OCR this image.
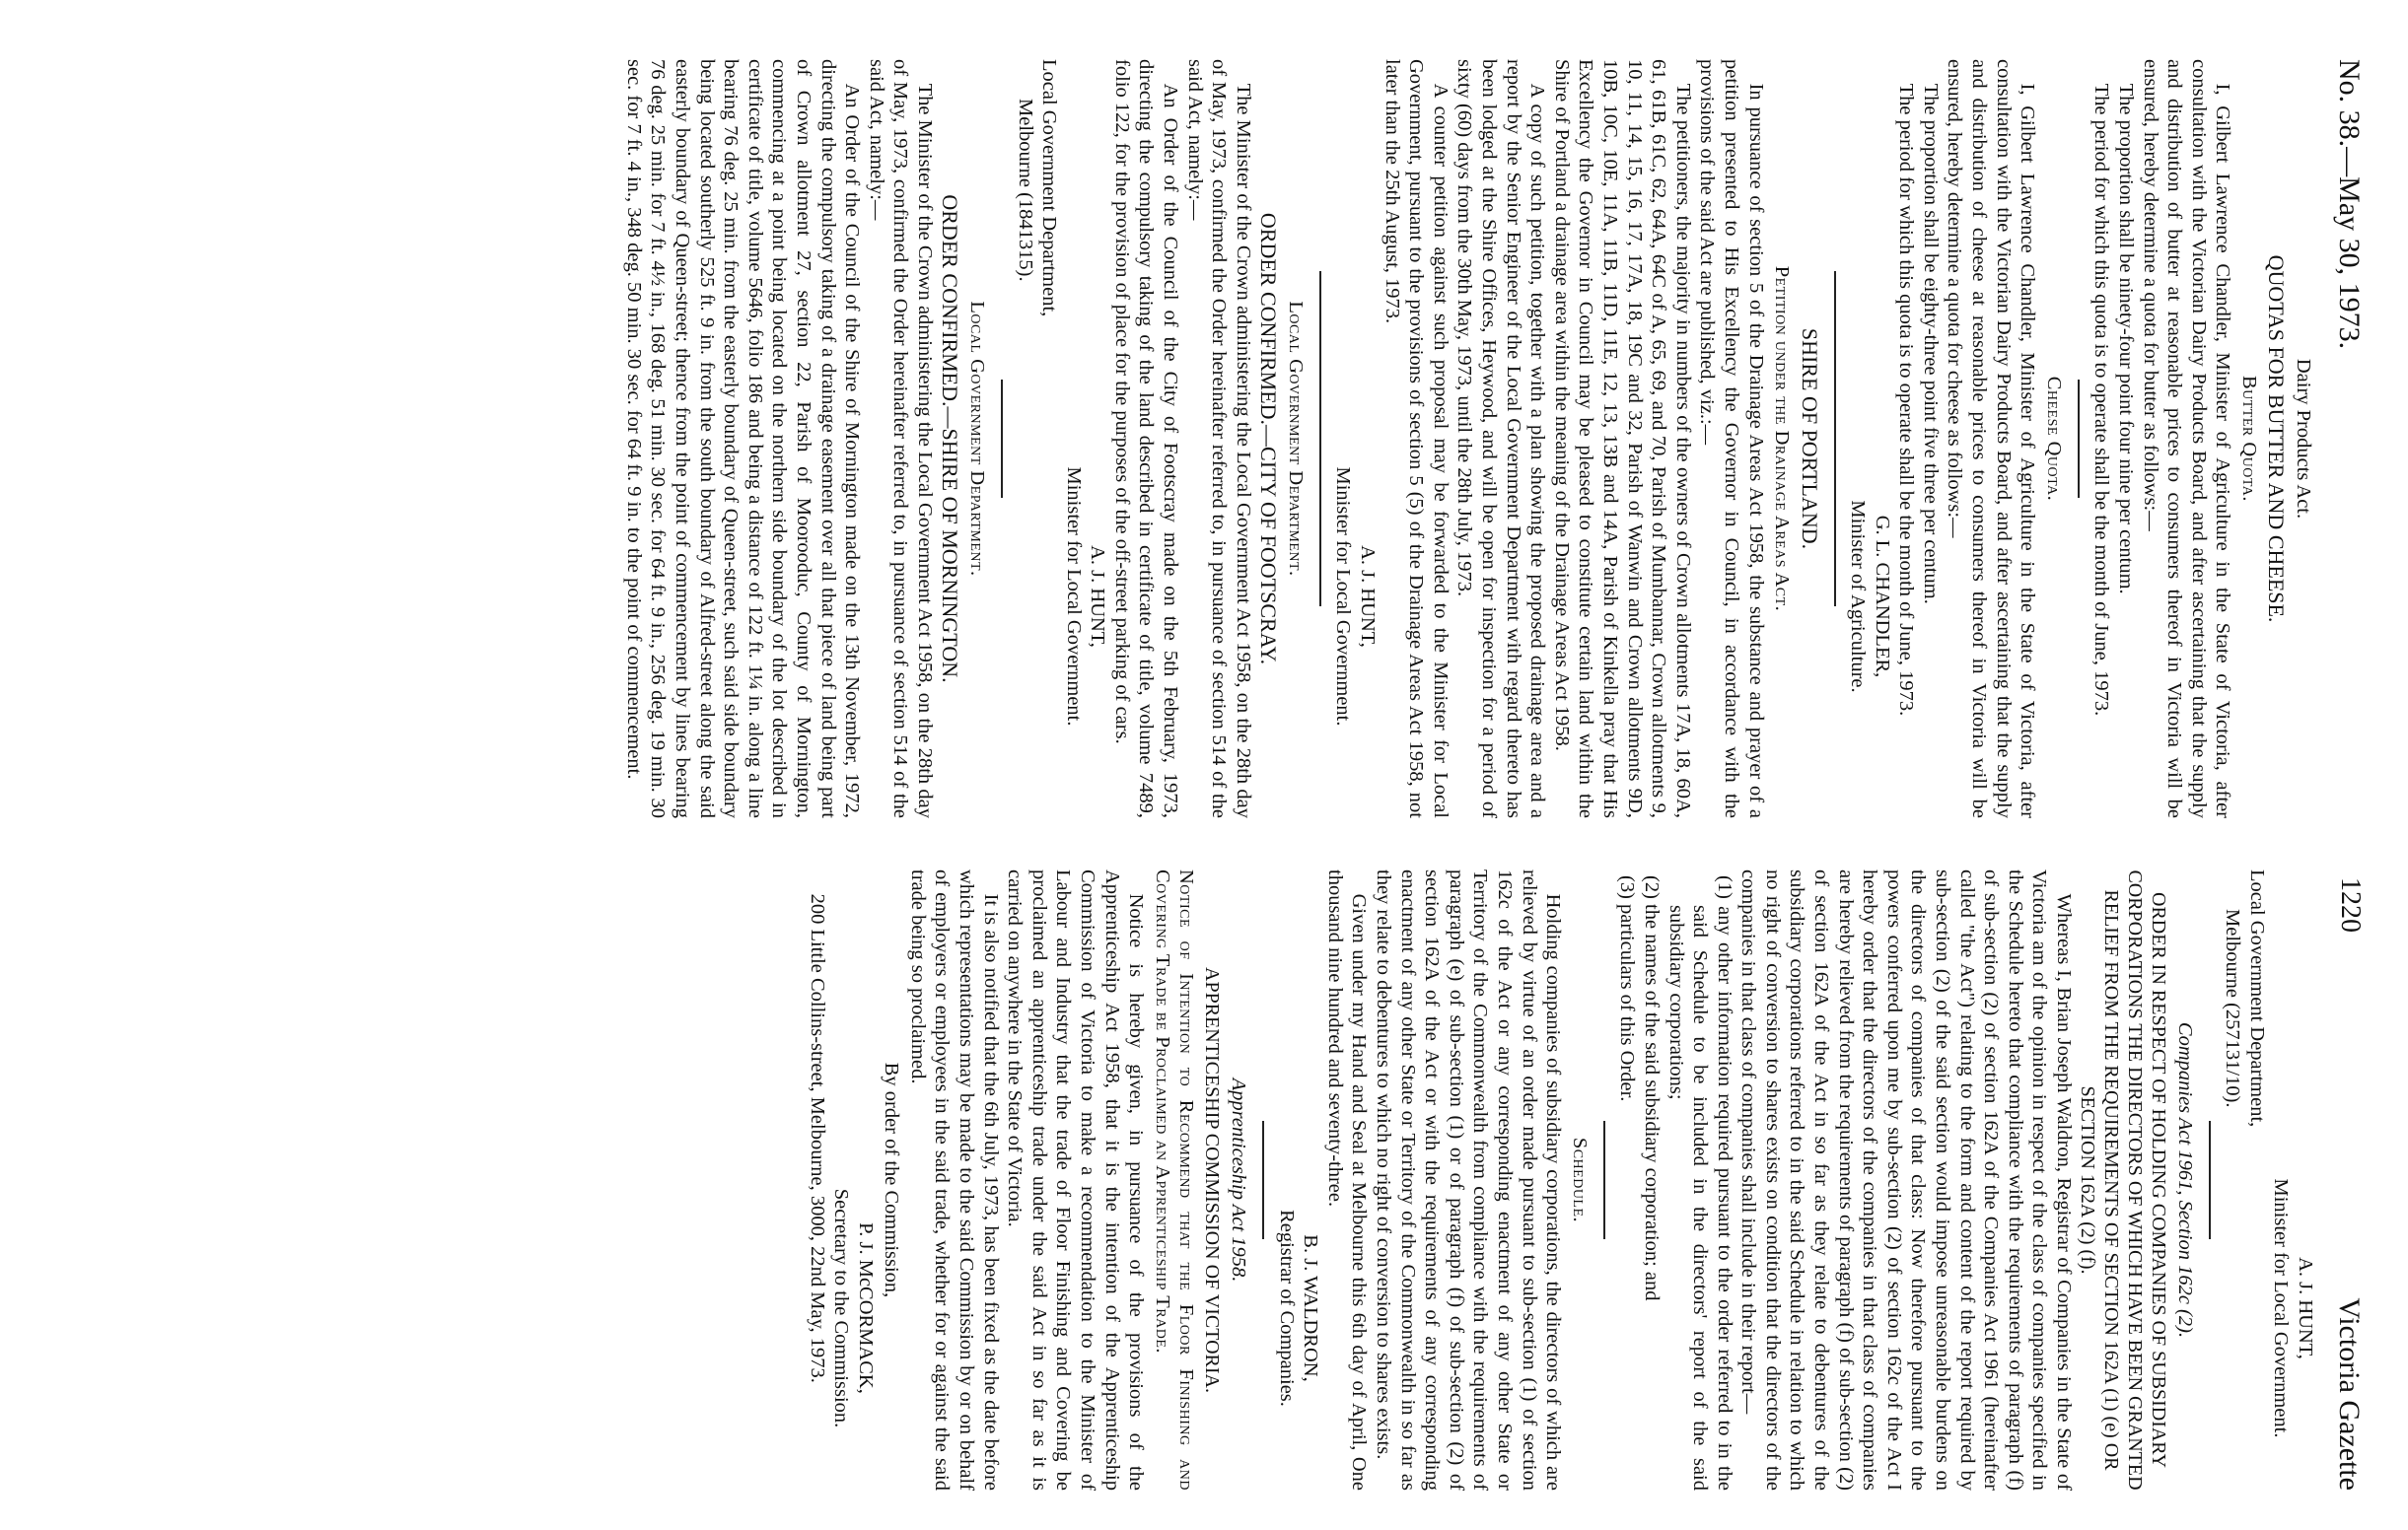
No. 38.—May 30, 1973.
1220
Victoria Gazette

Dairy Products Act.

QUOTAS FOR BUTTER AND CHEESE.

Butter Quota.

I, Gilbert Lawrence Chandler, Minister of Agriculture in the State of Victoria, after consultation with the Victorian Dairy Products Board, and after ascertaining that the supply and distribution of butter at reasonable prices to consumers thereof in Victoria will be ensured, hereby determine a quota for butter as follows:—

The proportion shall be ninety-four point four nine per centum.

The period for which this quota is to operate shall be the month of June, 1973.

Cheese Quota.

I, Gilbert Lawrence Chandler, Minister of Agriculture in the State of Victoria, after consultation with the Victorian Dairy Products Board, and after ascertaining that the supply and distribution of cheese at reasonable prices to consumers thereof in Victoria will be ensured, hereby determine a quota for cheese as follows:—

The proportion shall be eighty-three point five three per centum.

The period for which this quota is to operate shall be the month of June, 1973.

G. L. CHANDLER,

Minister of Agriculture.

SHIRE OF PORTLAND.

Petition under the Drainage Areas Act.

In pursuance of section 5 of the Drainage Areas Act 1958, the substance and prayer of a petition presented to His Excellency the Governor in Council, in accordance with the provisions of the said Act are published, viz.:—

The petitioners, the majority in numbers of the owners of Crown allotments 17A, 18, 60A, 61, 61B, 61C, 62, 64A, 64C of A, 65, 69, and 70, Parish of Mumbannar, Crown allotments 9, 10, 11, 14, 15, 16, 17, 17A, 18, 19C and 32, Parish of Wanwin and Crown allotments 9D, 10B, 10C, 10E, 11A, 11B, 11D, 11E, 12, 13, 13B and 14A, Parish of Kinkella pray that His Excellency the Governor in Council may be pleased to constitute certain land within the Shire of Portland a drainage area within the meaning of the Drainage Areas Act 1958.

A copy of such petition, together with a plan showing the proposed drainage area and a report by the Senior Engineer of the Local Government Department with regard thereto has been lodged at the Shire Offices, Heywood, and will be open for inspection for a period of sixty (60) days from the 30th May, 1973, until the 28th July, 1973.

A counter petition against such proposal may be forwarded to the Minister for Local Government, pursuant to the provisions of section 5 (5) of the Drainage Areas Act 1958, not later than the 25th August, 1973.

A. J. HUNT,

Minister for Local Government.

Local Government Department.

ORDER CONFIRMED.—CITY OF FOOTSCRAY.

The Minister of the Crown administering the Local Government Act 1958, on the 28th day of May, 1973, confirmed the Order hereinafter referred to, in pursuance of section 514 of the said Act, namely:—

An Order of the Council of the City of Footscray made on the 5th February, 1973, directing the compulsory taking of the land described in certificate of title, volume 7489, folio 122, for the provision of place for the purposes of the off-street parking of cars.

A. J. HUNT,

Minister for Local Government.

Local Government Department,

Melbourne (1841315).

Local Government Department.

ORDER CONFIRMED.—SHIRE OF MORNINGTON.

The Minister of the Crown administering the Local Government Act 1958, on the 28th day of May, 1973, confirmed the Order hereinafter referred to, in pursuance of section 514 of the said Act, namely:—

An Order of the Council of the Shire of Mornington made on the 13th November, 1972, directing the compulsory taking of a drainage easement over all that piece of land being part of Crown allotment 27, section 22, Parish of Moorooduc, County of Mornington, commencing at a point being located on the northern side boundary of the lot described in certificate of title, volume 5646, folio 186 and being a distance of 122 ft. 1¼ in. along a line bearing 76 deg. 25 min. from the easterly boundary of Queen-street, such said side boundary being located southerly 525 ft. 9 in. from the south boundary of Alfred-street along the said easterly boundary of Queen-street; thence from the point of commencement by lines bearing 76 deg. 25 min. for 7 ft. 4½ in., 168 deg. 51 min. 30 sec. for 64 ft. 9 in., 256 deg. 19 min. 30 sec. for 7 ft. 4 in., 348 deg. 50 min. 30 sec. for 64 ft. 9 in. to the point of commencement.

A. J. HUNT,

Minister for Local Government.

Local Government Department,

Melbourne (257131/10).

Companies Act 1961, Section 162c (2).

ORDER IN RESPECT OF HOLDING COMPANIES OF SUBSIDIARY CORPORATIONS THE DIRECTORS OF WHICH HAVE BEEN GRANTED RELIEF FROM THE REQUIREMENTS OF SECTION 162A (1) (e) OR SECTION 162A (2) (f).

Whereas I, Brian Joseph Waldron, Registrar of Companies in the State of Victoria am of the opinion in respect of the class of companies specified in the Schedule hereto that compliance with the requirements of paragraph (f) of sub-section (2) of section 162A of the Companies Act 1961 (hereinafter called "the Act") relating to the form and content of the report required by sub-section (2) of the said section would impose unreasonable burdens on the directors of companies of that class: Now therefore pursuant to the powers conferred upon me by sub-section (2) of section 162c of the Act I hereby order that the directors of the companies in that class of companies are hereby relieved from the requirements of paragraph (f) of sub-section (2) of section 162A of the Act in so far as they relate to debentures of the subsidiary corporations referred to in the said Schedule in relation to which no right of conversion to shares exists on condition that the directors of the companies in that class of companies shall include in their report—

(1) any other information required pursuant to the order referred to in the said Schedule to be included in the directors' report of the said subsidiary corporations;

(2) the names of the said subsidiary corporation; and

(3) particulars of this Order.

Schedule.

Holding companies of subsidiary corporations, the directors of which are relieved by virtue of an order made pursuant to sub-section (1) of section 162c of the Act or any corresponding enactment of any other State or Territory of the Commonwealth from compliance with the requirements of paragraph (e) of sub-section (1) or of paragraph (f) of sub-section (2) of section 162A of the Act or with the requirements of any corresponding enactment of any other State or Territory of the Commonwealth in so far as they relate to debentures to which no right of conversion to shares exists.

Given under my Hand and Seal at Melbourne this 6th day of April, One thousand nine hundred and seventy-three.

B. J. WALDRON,

Registrar of Companies.

Apprenticeship Act 1958.

APPRENTICESHIP COMMISSION OF VICTORIA.

Notice of Intention to Recommend that the Floor Finishing and Covering Trade be Proclaimed an Apprenticeship Trade.

Notice is hereby given, in pursuance of the provisions of the Apprenticeship Act 1958, that it is the intention of the Apprenticeship Commission of Victoria to make a recommendation to the Minister of Labour and Industry that the trade of Floor Finishing and Covering be proclaimed an apprenticeship trade under the said Act in so far as it is carried on anywhere in the State of Victoria.

It is also notified that the 6th July, 1973, has been fixed as the date before which representations may be made to the said Commission by or on behalf of employers or employees in the said trade, whether for or against the said trade being so proclaimed.

By order of the Commission,

P. J. McCORMACK,

Secretary to the Commission.

200 Little Collins-street, Melbourne, 3000, 22nd May, 1973.
